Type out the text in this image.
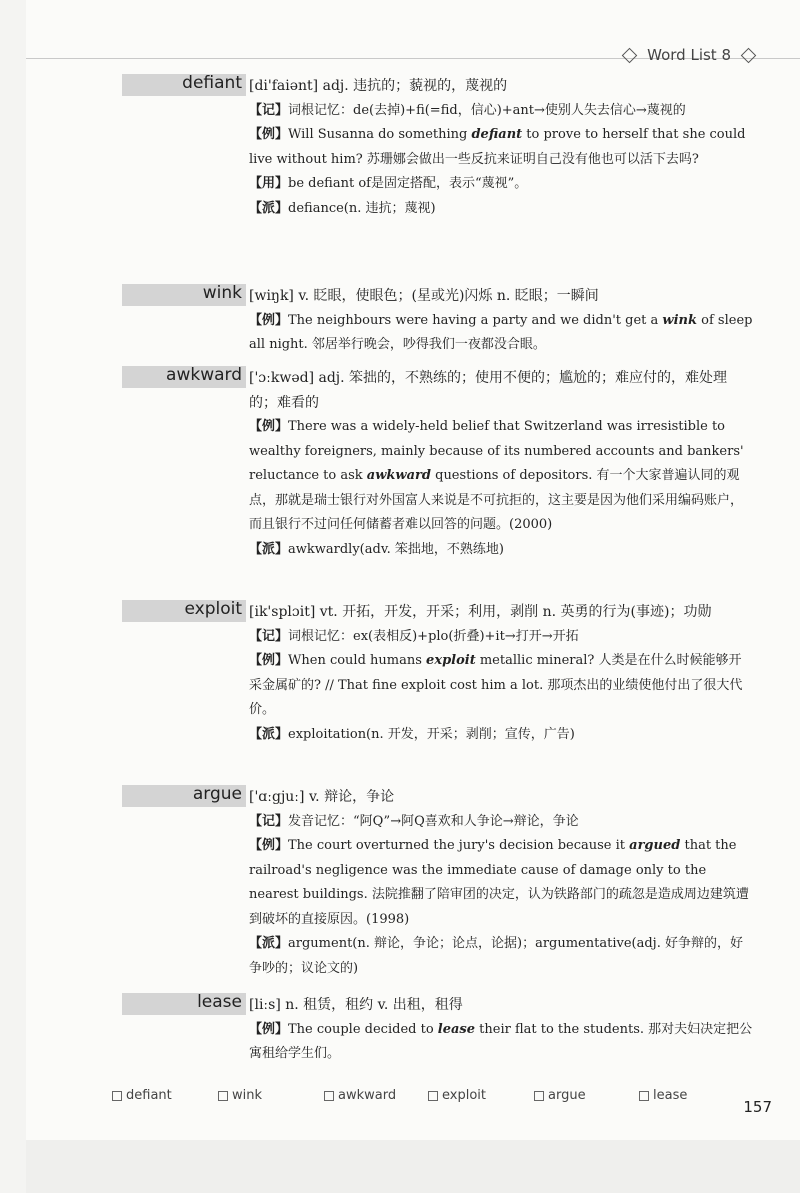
Word List 8
defiant [di'faiənt] adj. 违抗的；藐视的，蔑视的

【记】词根记忆：de(去掉)+fi(=fid，信心)+ant→使别人失去信心→蔑视的

【例】Will Susanna do something defiant to prove to herself that she could live without him? 苏珊娜会做出一些反抗来证明自己没有他也可以活下去吗?

【用】be defiant of是固定搭配，表示“蔑视”。

【派】defiance(n. 违抗；蔑视)

wink [wiŋk] v. 眨眼，使眼色；(星或光)闪烁 n. 眨眼；一瞬间

【例】The neighbours were having a party and we didn't get a wink of sleep all night. 邻居举行晚会，吵得我们一夜都没合眼。

awkward ['ɔːkwəd] adj. 笨拙的，不熟练的；使用不便的；尴尬的；难应付的，难处理的；难看的

【例】There was a widely-held belief that Switzerland was irresistible to wealthy foreigners, mainly because of its numbered accounts and bankers' reluctance to ask awkward questions of depositors. 有一个大家普遍认同的观点，那就是瑞士银行对外国富人来说是不可抗拒的，这主要是因为他们采用编码账户，而且银行不过问任何储蓄者难以回答的问题。(2000)

【派】awkwardly(adv. 笨拙地，不熟练地)

exploit [ik'splɔit] vt. 开拓，开发，开采；利用，剥削 n. 英勇的行为(事迹)；功勋

【记】词根记忆：ex(表相反)+plo(折叠)+it→打开→开拓

【例】When could humans exploit metallic mineral? 人类是在什么时候能够开采金属矿的? // That fine exploit cost him a lot. 那项杰出的业绩使他付出了很大代价。

【派】exploitation(n. 开发，开采；剥削；宣传，广告)

argue ['ɑːgjuː] v. 辩论，争论

【记】发音记忆：“阿Q”→阿Q喜欢和人争论→辩论，争论

【例】The court overturned the jury's decision because it argued that the railroad's negligence was the immediate cause of damage only to the nearest buildings. 法院推翻了陪审团的决定，认为铁路部门的疏忽是造成周边建筑遭到破坏的直接原因。(1998)

【派】argument(n. 辩论，争论；论点，论据)；argumentative(adj. 好争辩的，好争吵的；议论文的)

lease [liːs] n. 租赁，租约 v. 出租，租得

【例】The couple decided to lease their flat to the students. 那对夫妇决定把公寓租给学生们。

defiant	wink	awkward	exploit	argue	lease
157
